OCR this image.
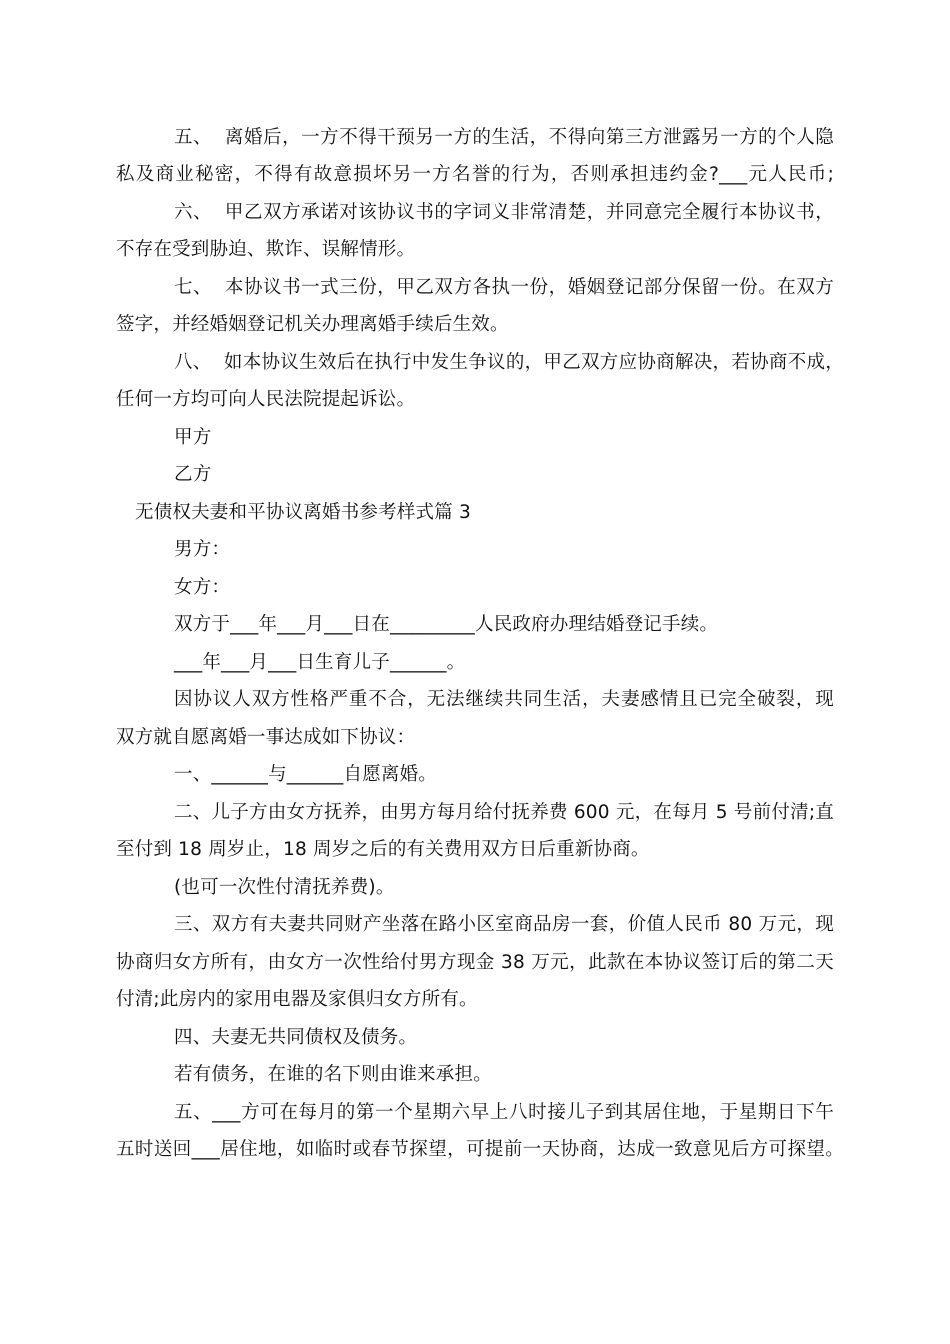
五、  离婚后，一方不得干预另一方的生活，不得向第三方泄露另一方的个人隐
私及商业秘密，不得有故意损坏另一方名誉的行为，否则承担违约金?___元人民币;
六、  甲乙双方承诺对该协议书的字词义非常清楚，并同意完全履行本协议书，
不存在受到胁迫、欺诈、误解情形。
七、  本协议书一式三份，甲乙双方各执一份，婚姻登记部分保留一份。在双方
签字，并经婚姻登记机关办理离婚手续后生效。
八、  如本协议生效后在执行中发生争议的，甲乙双方应协商解决，若协商不成，
任何一方均可向人民法院提起诉讼。
甲方
乙方
无债权夫妻和平协议离婚书参考样式篇 3
男方：
女方：
双方于___年___月___日在_________人民政府办理结婚登记手续。
___年___月___日生育儿子______。
因协议人双方性格严重不合，无法继续共同生活，夫妻感情且已完全破裂，现
双方就自愿离婚一事达成如下协议：
一、______与______自愿离婚。
二、儿子方由女方抚养，由男方每月给付抚养费 600 元，在每月 5 号前付清;直
至付到 18 周岁止，18 周岁之后的有关费用双方日后重新协商。
(也可一次性付清抚养费)。
三、双方有夫妻共同财产坐落在路小区室商品房一套，价值人民币 80 万元，现
协商归女方所有，由女方一次性给付男方现金 38 万元，此款在本协议签订后的第二天
付清;此房内的家用电器及家俱归女方所有。
四、夫妻无共同债权及债务。
若有债务，在谁的名下则由谁来承担。
五、___方可在每月的第一个星期六早上八时接儿子到其居住地，于星期日下午
五时送回___居住地，如临时或春节探望，可提前一天协商，达成一致意见后方可探望。
